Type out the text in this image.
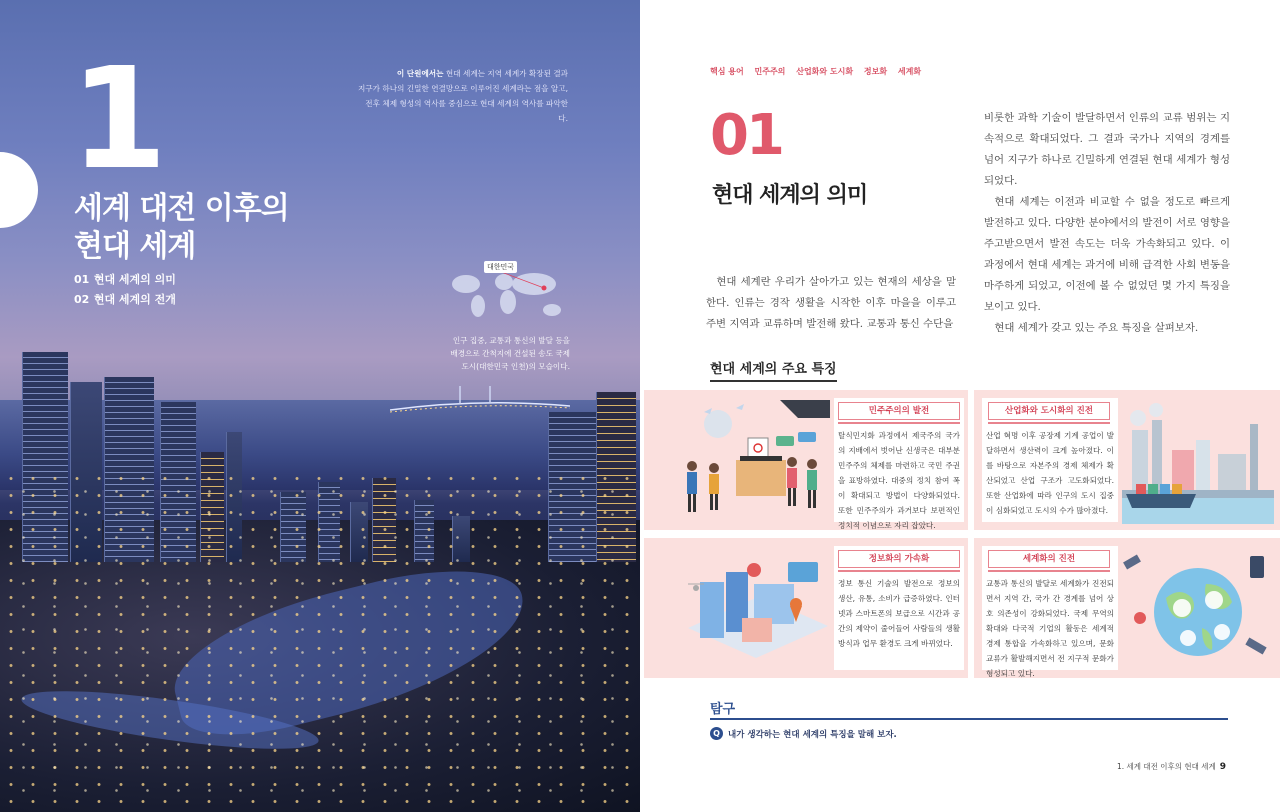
1
세계 대전 이후의
현대 세계
01 현대 세계의 의미
02 현대 세계의 전개
이 단원에서는 현대 세계는 지역 세계가 확장된 결과
지구가 하나의 긴밀한 연결망으로 이루어진 세계라는 점을 알고,
전후 체제 형성의 역사를 중심으로 현대 세계의 역사를 파악한다.
대한민국
인구 집중, 교통과 통신의 발달 등을
배경으로 간척지에 건설된 송도 국제
도시(대한민국 인천)의 모습이다.
핵심 용어 민주주의 산업화와 도시화 정보화 세계화
01
현대 세계의 의미

현대 세계란 우리가 살아가고 있는 현재의 세상을 말한다. 인류는 경작 생활을 시작한 이후 마을을 이루고 주변 지역과 교류하며 발전해 왔다. 교통과 통신 수단을

비롯한 과학 기술이 발달하면서 인류의 교류 범위는 지속적으로 확대되었다. 그 결과 국가나 지역의 경계를 넘어 지구가 하나로 긴밀하게 연결된 현대 세계가 형성되었다.

현대 세계는 이전과 비교할 수 없을 정도로 빠르게 발전하고 있다. 다양한 분야에서의 발전이 서로 영향을 주고받으면서 발전 속도는 더욱 가속화되고 있다. 이 과정에서 현대 세계는 과거에 비해 급격한 사회 변동을 마주하게 되었고, 이전에 볼 수 없었던 몇 가지 특징을 보이고 있다.

현대 세계가 갖고 있는 주요 특징을 살펴보자.

현대 세계의 주요 특징
민주주의의 발전
탈식민지화 과정에서 제국주의 국가의 지배에서 벗어난 신생국은 대부분 민주주의 체제를 마련하고 국민 주권을 표방하였다. 대중의 정치 참여 폭이 확대되고 방법이 다양화되었다. 또한 민주주의가 과거보다 보편적인 정치적 이념으로 자리 잡았다.
산업화와 도시화의 진전
산업 혁명 이후 공장제 기계 공업이 발달하면서 생산력이 크게 높아졌다. 이를 바탕으로 자본주의 경제 체제가 확산되었고 산업 구조가 고도화되었다. 또한 산업화에 따라 인구의 도시 집중이 심화되었고 도시의 수가 많아졌다.
정보화의 가속화
정보 통신 기술의 발전으로 정보의 생산, 유통, 소비가 급증하였다. 인터넷과 스마트폰의 보급으로 시간과 공간의 제약이 줄어들어 사람들의 생활 방식과 업무 환경도 크게 바뀌었다.
세계화의 진전
교통과 통신의 발달로 세계화가 진전되면서 지역 간, 국가 간 경계를 넘어 상호 의존성이 강화되었다. 국제 무역의 확대와 다국적 기업의 활동은 세계적 경제 통합을 가속화하고 있으며, 문화 교류가 활발해지면서 전 지구적 문화가 형성되고 있다.
탐구
Q 내가 생각하는 현대 세계의 특징을 말해 보자.
1. 세계 대전 이후의 현대 세계 9
